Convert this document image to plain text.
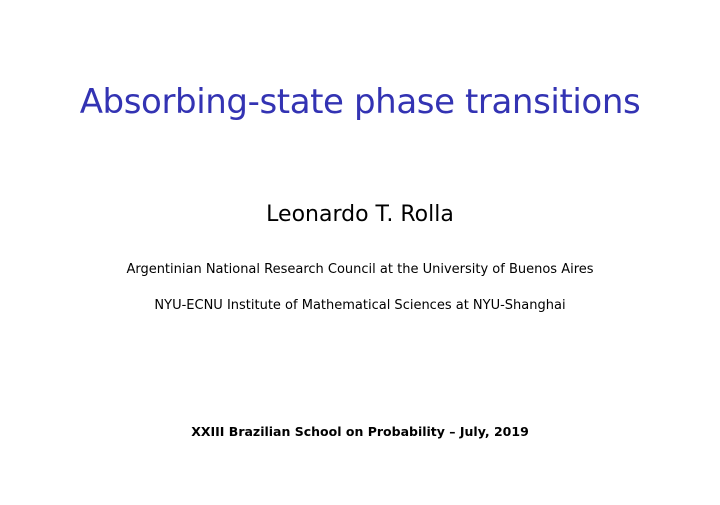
Absorbing-state phase transitions
Leonardo T. Rolla
Argentinian National Research Council at the University of Buenos Aires
NYU-ECNU Institute of Mathematical Sciences at NYU-Shanghai
XXIII Brazilian School on Probability – July, 2019
